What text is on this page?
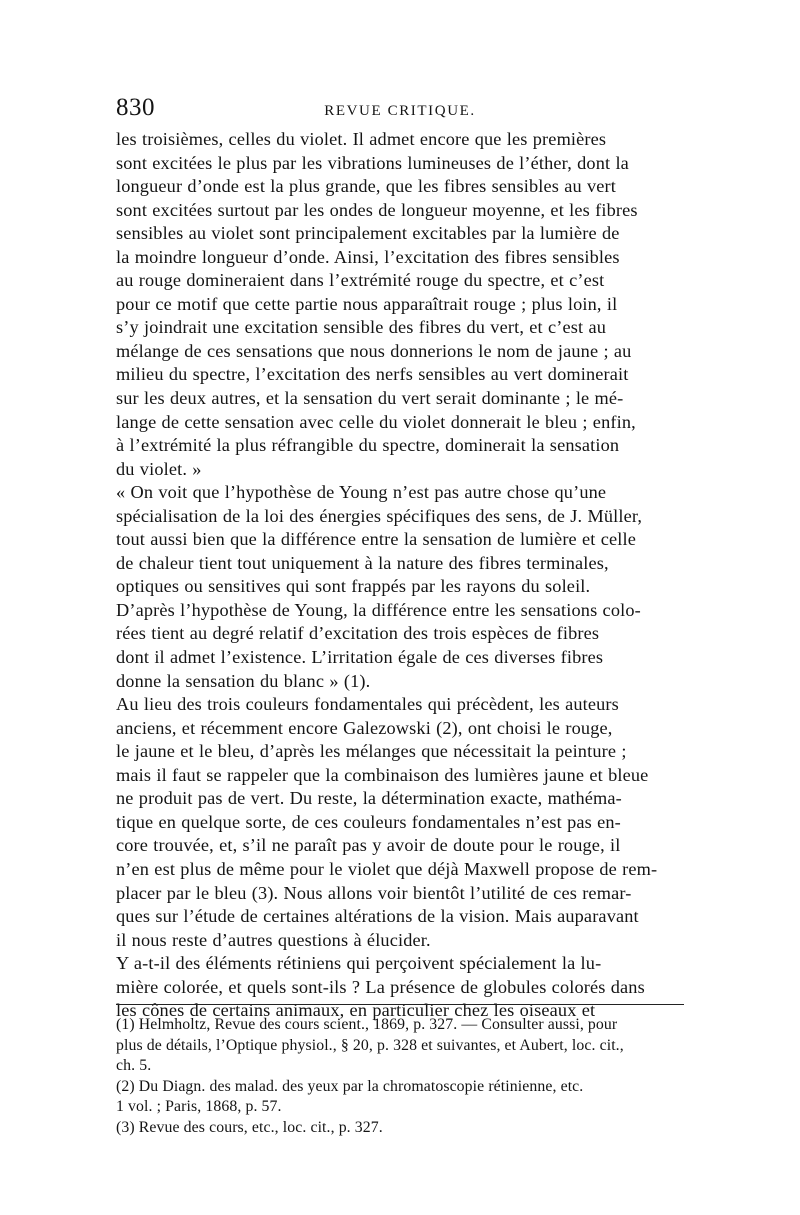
830	REVUE CRITIQUE.
les troisièmes, celles du violet. Il admet encore que les premières
sont excitées le plus par les vibrations lumineuses de l’éther, dont la
longueur d’onde est la plus grande, que les fibres sensibles au vert
sont excitées surtout par les ondes de longueur moyenne, et les fibres
sensibles au violet sont principalement excitables par la lumière de
la moindre longueur d’onde. Ainsi, l’excitation des fibres sensibles
au rouge domineraient dans l’extrémité rouge du spectre, et c’est
pour ce motif que cette partie nous apparaîtrait rouge ; plus loin, il
s’y joindrait une excitation sensible des fibres du vert, et c’est au
mélange de ces sensations que nous donnerions le nom de jaune ; au
milieu du spectre, l’excitation des nerfs sensibles au vert dominerait
sur les deux autres, et la sensation du vert serait dominante ; le mé-
lange de cette sensation avec celle du violet donnerait le bleu ; enfin,
à l’extrémité la plus réfrangible du spectre, dominerait la sensation
du violet. »
« On voit que l’hypothèse de Young n’est pas autre chose qu’une
spécialisation de la loi des énergies spécifiques des sens, de J. Müller,
tout aussi bien que la différence entre la sensation de lumière et celle
de chaleur tient tout uniquement à la nature des fibres terminales,
optiques ou sensitives qui sont frappés par les rayons du soleil.
D’après l’hypothèse de Young, la différence entre les sensations colo-
rées tient au degré relatif d’excitation des trois espèces de fibres
dont il admet l’existence. L’irritation égale de ces diverses fibres
donne la sensation du blanc » (1).
Au lieu des trois couleurs fondamentales qui précèdent, les auteurs
anciens, et récemment encore Galezowski (2), ont choisi le rouge,
le jaune et le bleu, d’après les mélanges que nécessitait la peinture ;
mais il faut se rappeler que la combinaison des lumières jaune et bleue
ne produit pas de vert. Du reste, la détermination exacte, mathéma-
tique en quelque sorte, de ces couleurs fondamentales n’est pas en-
core trouvée, et, s’il ne paraît pas y avoir de doute pour le rouge, il
n’en est plus de même pour le violet que déjà Maxwell propose de rem-
placer par le bleu (3). Nous allons voir bientôt l’utilité de ces remar-
ques sur l’étude de certaines altérations de la vision. Mais auparavant
il nous reste d’autres questions à élucider.
Y a-t-il des éléments rétiniens qui perçoivent spécialement la lu-
mière colorée, et quels sont-ils ? La présence de globules colorés dans
les cônes de certains animaux, en particulier chez les oiseaux et
(1) Helmholtz, Revue des cours scient., 1869, p. 327. — Consulter aussi, pour
plus de détails, l’Optique physiol., § 20, p. 328 et suivantes, et Aubert, loc. cit.,
ch. 5.
(2) Du Diagn. des malad. des yeux par la chromatoscopie rétinienne, etc.
1 vol. ; Paris, 1868, p. 57.
(3) Revue des cours, etc., loc. cit., p. 327.
